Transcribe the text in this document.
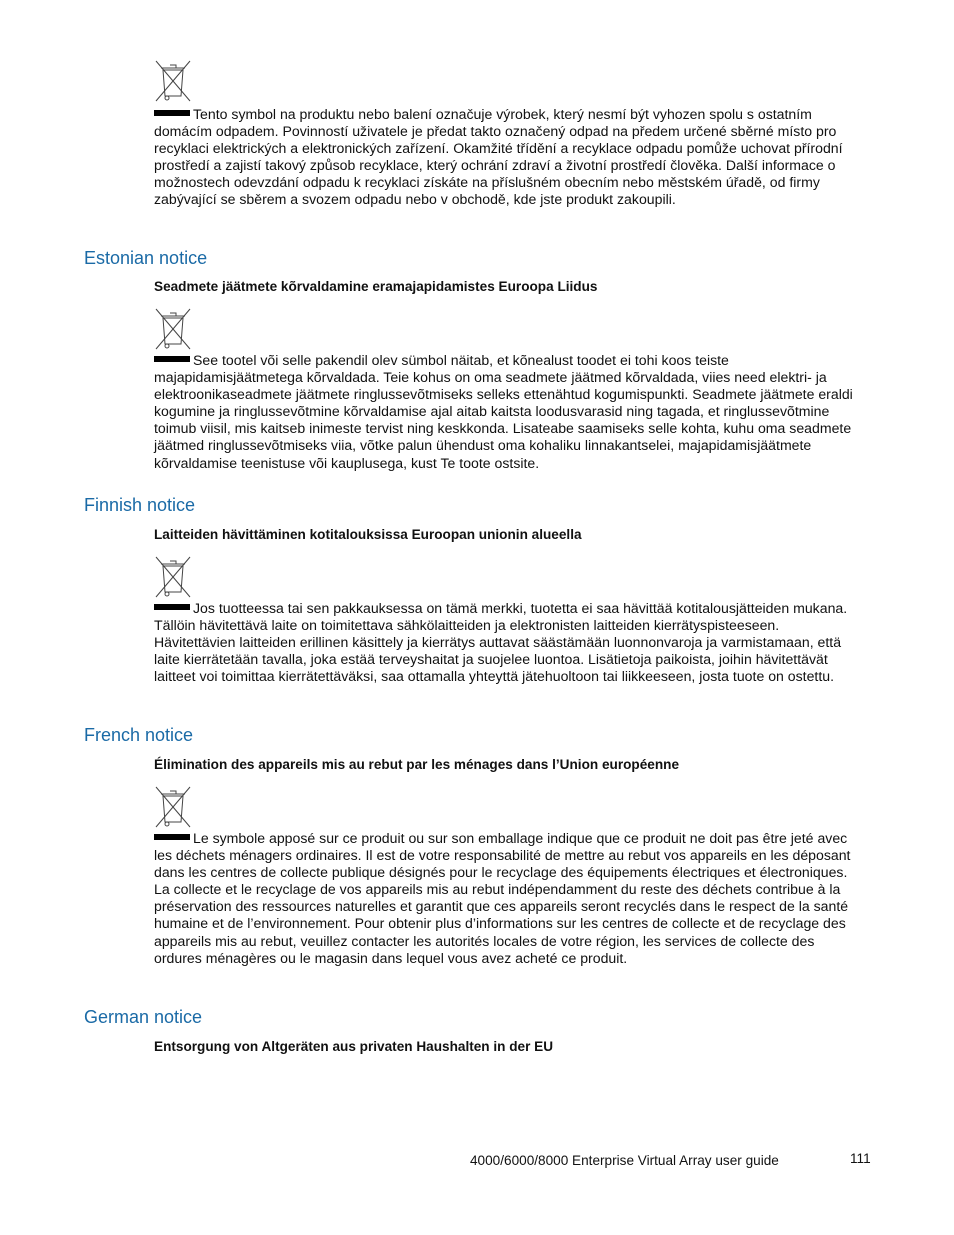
Tento symbol na produktu nebo balení označuje výrobek, který nesmí být vyhozen spolu s ostatním domácím odpadem. Povinností uživatele je předat takto označený odpad na předem určené sběrné místo pro recyklaci elektrických a elektronických zařízení. Okamžité třídění a recyklace odpadu pomůže uchovat přírodní prostředí a zajistí takový způsob recyklace, který ochrání zdraví a životní prostředí člověka. Další informace o možnostech odevzdání odpadu k recyklaci získáte na příslušném obecním nebo městském úřadě, od firmy zabývající se sběrem a svozem odpadu nebo v obchodě, kde jste produkt zakoupili.

Estonian notice

Seadmete jäätmete kõrvaldamine eramajapidamistes Euroopa Liidus

See tootel või selle pakendil olev sümbol näitab, et kõnealust toodet ei tohi koos teiste majapidamisjäätmetega kõrvaldada. Teie kohus on oma seadmete jäätmed kõrvaldada, viies need elektri- ja elektroonikaseadmete jäätmete ringlussevõtmiseks selleks ettenähtud kogumispunkti. Seadmete jäätmete eraldi kogumine ja ringlussevõtmine kõrvaldamise ajal aitab kaitsta loodusvarasid ning tagada, et ringlussevõtmine toimub viisil, mis kaitseb inimeste tervist ning keskkonda. Lisateabe saamiseks selle kohta, kuhu oma seadmete jäätmed ringlussevõtmiseks viia, võtke palun ühendust oma kohaliku linnakantselei, majapidamisjäätmete kõrvaldamise teenistuse või kauplusega, kust Te toote ostsite.

Finnish notice

Laitteiden hävittäminen kotitalouksissa Euroopan unionin alueella

Jos tuotteessa tai sen pakkauksessa on tämä merkki, tuotetta ei saa hävittää kotitalousjätteiden mukana. Tällöin hävitettävä laite on toimitettava sähkölaitteiden ja elektronisten laitteiden kierrätyspisteeseen. Hävitettävien laitteiden erillinen käsittely ja kierrätys auttavat säästämään luonnonvaroja ja varmistamaan, että laite kierrätetään tavalla, joka estää terveyshaitat ja suojelee luontoa. Lisätietoja paikoista, joihin hävitettävät laitteet voi toimittaa kierrätettäväksi, saa ottamalla yhteyttä jätehuoltoon tai liikkeeseen, josta tuote on ostettu.

French notice

Élimination des appareils mis au rebut par les ménages dans l’Union européenne

Le symbole apposé sur ce produit ou sur son emballage indique que ce produit ne doit pas être jeté avec les déchets ménagers ordinaires. Il est de votre responsabilité de mettre au rebut vos appareils en les déposant dans les centres de collecte publique désignés pour le recyclage des équipements électriques et électroniques. La collecte et le recyclage de vos appareils mis au rebut indépendamment du reste des déchets contribue à la préservation des ressources naturelles et garantit que ces appareils seront recyclés dans le respect de la santé humaine et de l’environnement. Pour obtenir plus d’informations sur les centres de collecte et de recyclage des appareils mis au rebut, veuillez contacter les autorités locales de votre région, les services de collecte des ordures ménagères ou le magasin dans lequel vous avez acheté ce produit.

German notice

Entsorgung von Altgeräten aus privaten Haushalten in der EU

4000/6000/8000 Enterprise Virtual Array user guide	111
